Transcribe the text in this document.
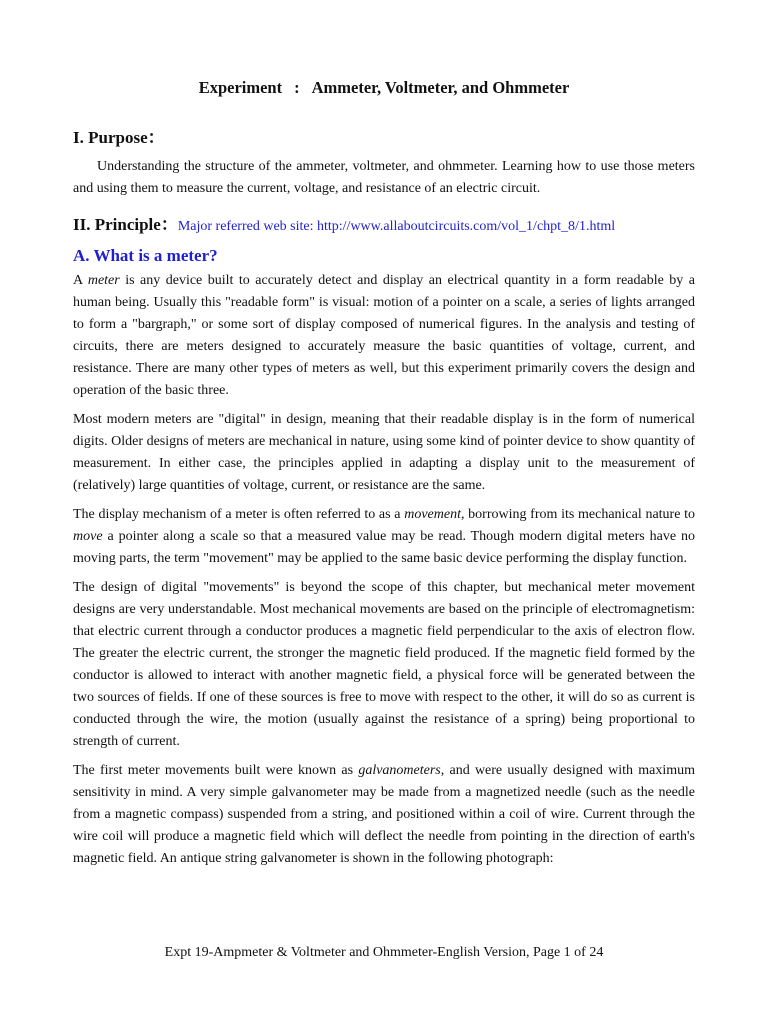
Experiment : Ammeter, Voltmeter, and Ohmmeter
I. Purpose：
Understanding the structure of the ammeter, voltmeter, and ohmmeter. Learning how to use those meters and using them to measure the current, voltage, and resistance of an electric circuit.
II. Principle：Major referred web site: http://www.allaboutcircuits.com/vol_1/chpt_8/1.html
A. What is a meter?

A meter is any device built to accurately detect and display an electrical quantity in a form readable by a human being. Usually this "readable form" is visual: motion of a pointer on a scale, a series of lights arranged to form a "bargraph," or some sort of display composed of numerical figures. In the analysis and testing of circuits, there are meters designed to accurately measure the basic quantities of voltage, current, and resistance. There are many other types of meters as well, but this experiment primarily covers the design and operation of the basic three.

Most modern meters are "digital" in design, meaning that their readable display is in the form of numerical digits. Older designs of meters are mechanical in nature, using some kind of pointer device to show quantity of measurement. In either case, the principles applied in adapting a display unit to the measurement of (relatively) large quantities of voltage, current, or resistance are the same.

The display mechanism of a meter is often referred to as a movement, borrowing from its mechanical nature to move a pointer along a scale so that a measured value may be read. Though modern digital meters have no moving parts, the term "movement" may be applied to the same basic device performing the display function.

The design of digital "movements" is beyond the scope of this chapter, but mechanical meter movement designs are very understandable. Most mechanical movements are based on the principle of electromagnetism: that electric current through a conductor produces a magnetic field perpendicular to the axis of electron flow. The greater the electric current, the stronger the magnetic field produced. If the magnetic field formed by the conductor is allowed to interact with another magnetic field, a physical force will be generated between the two sources of fields. If one of these sources is free to move with respect to the other, it will do so as current is conducted through the wire, the motion (usually against the resistance of a spring) being proportional to strength of current.

The first meter movements built were known as galvanometers, and were usually designed with maximum sensitivity in mind. A very simple galvanometer may be made from a magnetized needle (such as the needle from a magnetic compass) suspended from a string, and positioned within a coil of wire. Current through the wire coil will produce a magnetic field which will deflect the needle from pointing in the direction of earth's magnetic field. An antique string galvanometer is shown in the following photograph:

Expt 19-Ampmeter & Voltmeter and Ohmmeter-English Version, Page 1 of 24
